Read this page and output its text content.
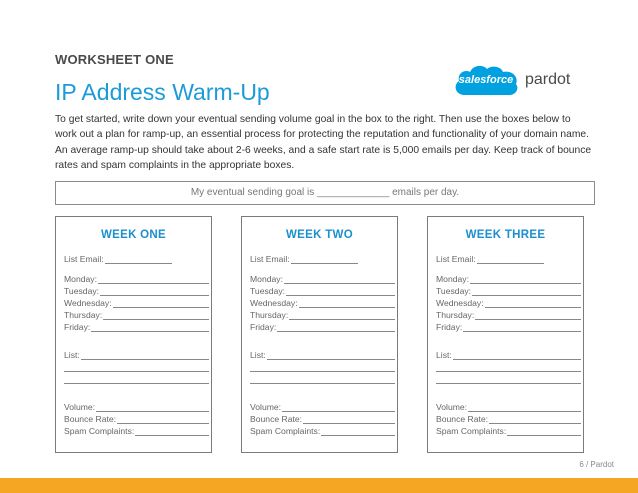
WORKSHEET ONE
IP Address Warm-Up	salesforce pardot
To get started, write down your eventual sending volume goal in the box to the right. Then use the boxes below to work out a plan for ramp-up, an essential process for protecting the reputation and functionality of your domain name. An average ramp-up should take about 2-6 weeks, and a safe start rate is 5,000 emails per day. Keep track of bounce rates and spam complaints in the appropriate boxes.
My eventual sending goal is _____________ emails per day.
WEEK ONE
List Email:
Monday:
Tuesday:
Wednesday:
Thursday:
Friday:
List:
Volume:
Bounce Rate:
Spam Complaints:
WEEK TWO
List Email:
Monday:
Tuesday:
Wednesday:
Thursday:
Friday:
List:
Volume:
Bounce Rate:
Spam Complaints:
WEEK THREE
List Email:
Monday:
Tuesday:
Wednesday:
Thursday:
Friday:
List:
Volume:
Bounce Rate:
Spam Complaints:
6 / Pardot
